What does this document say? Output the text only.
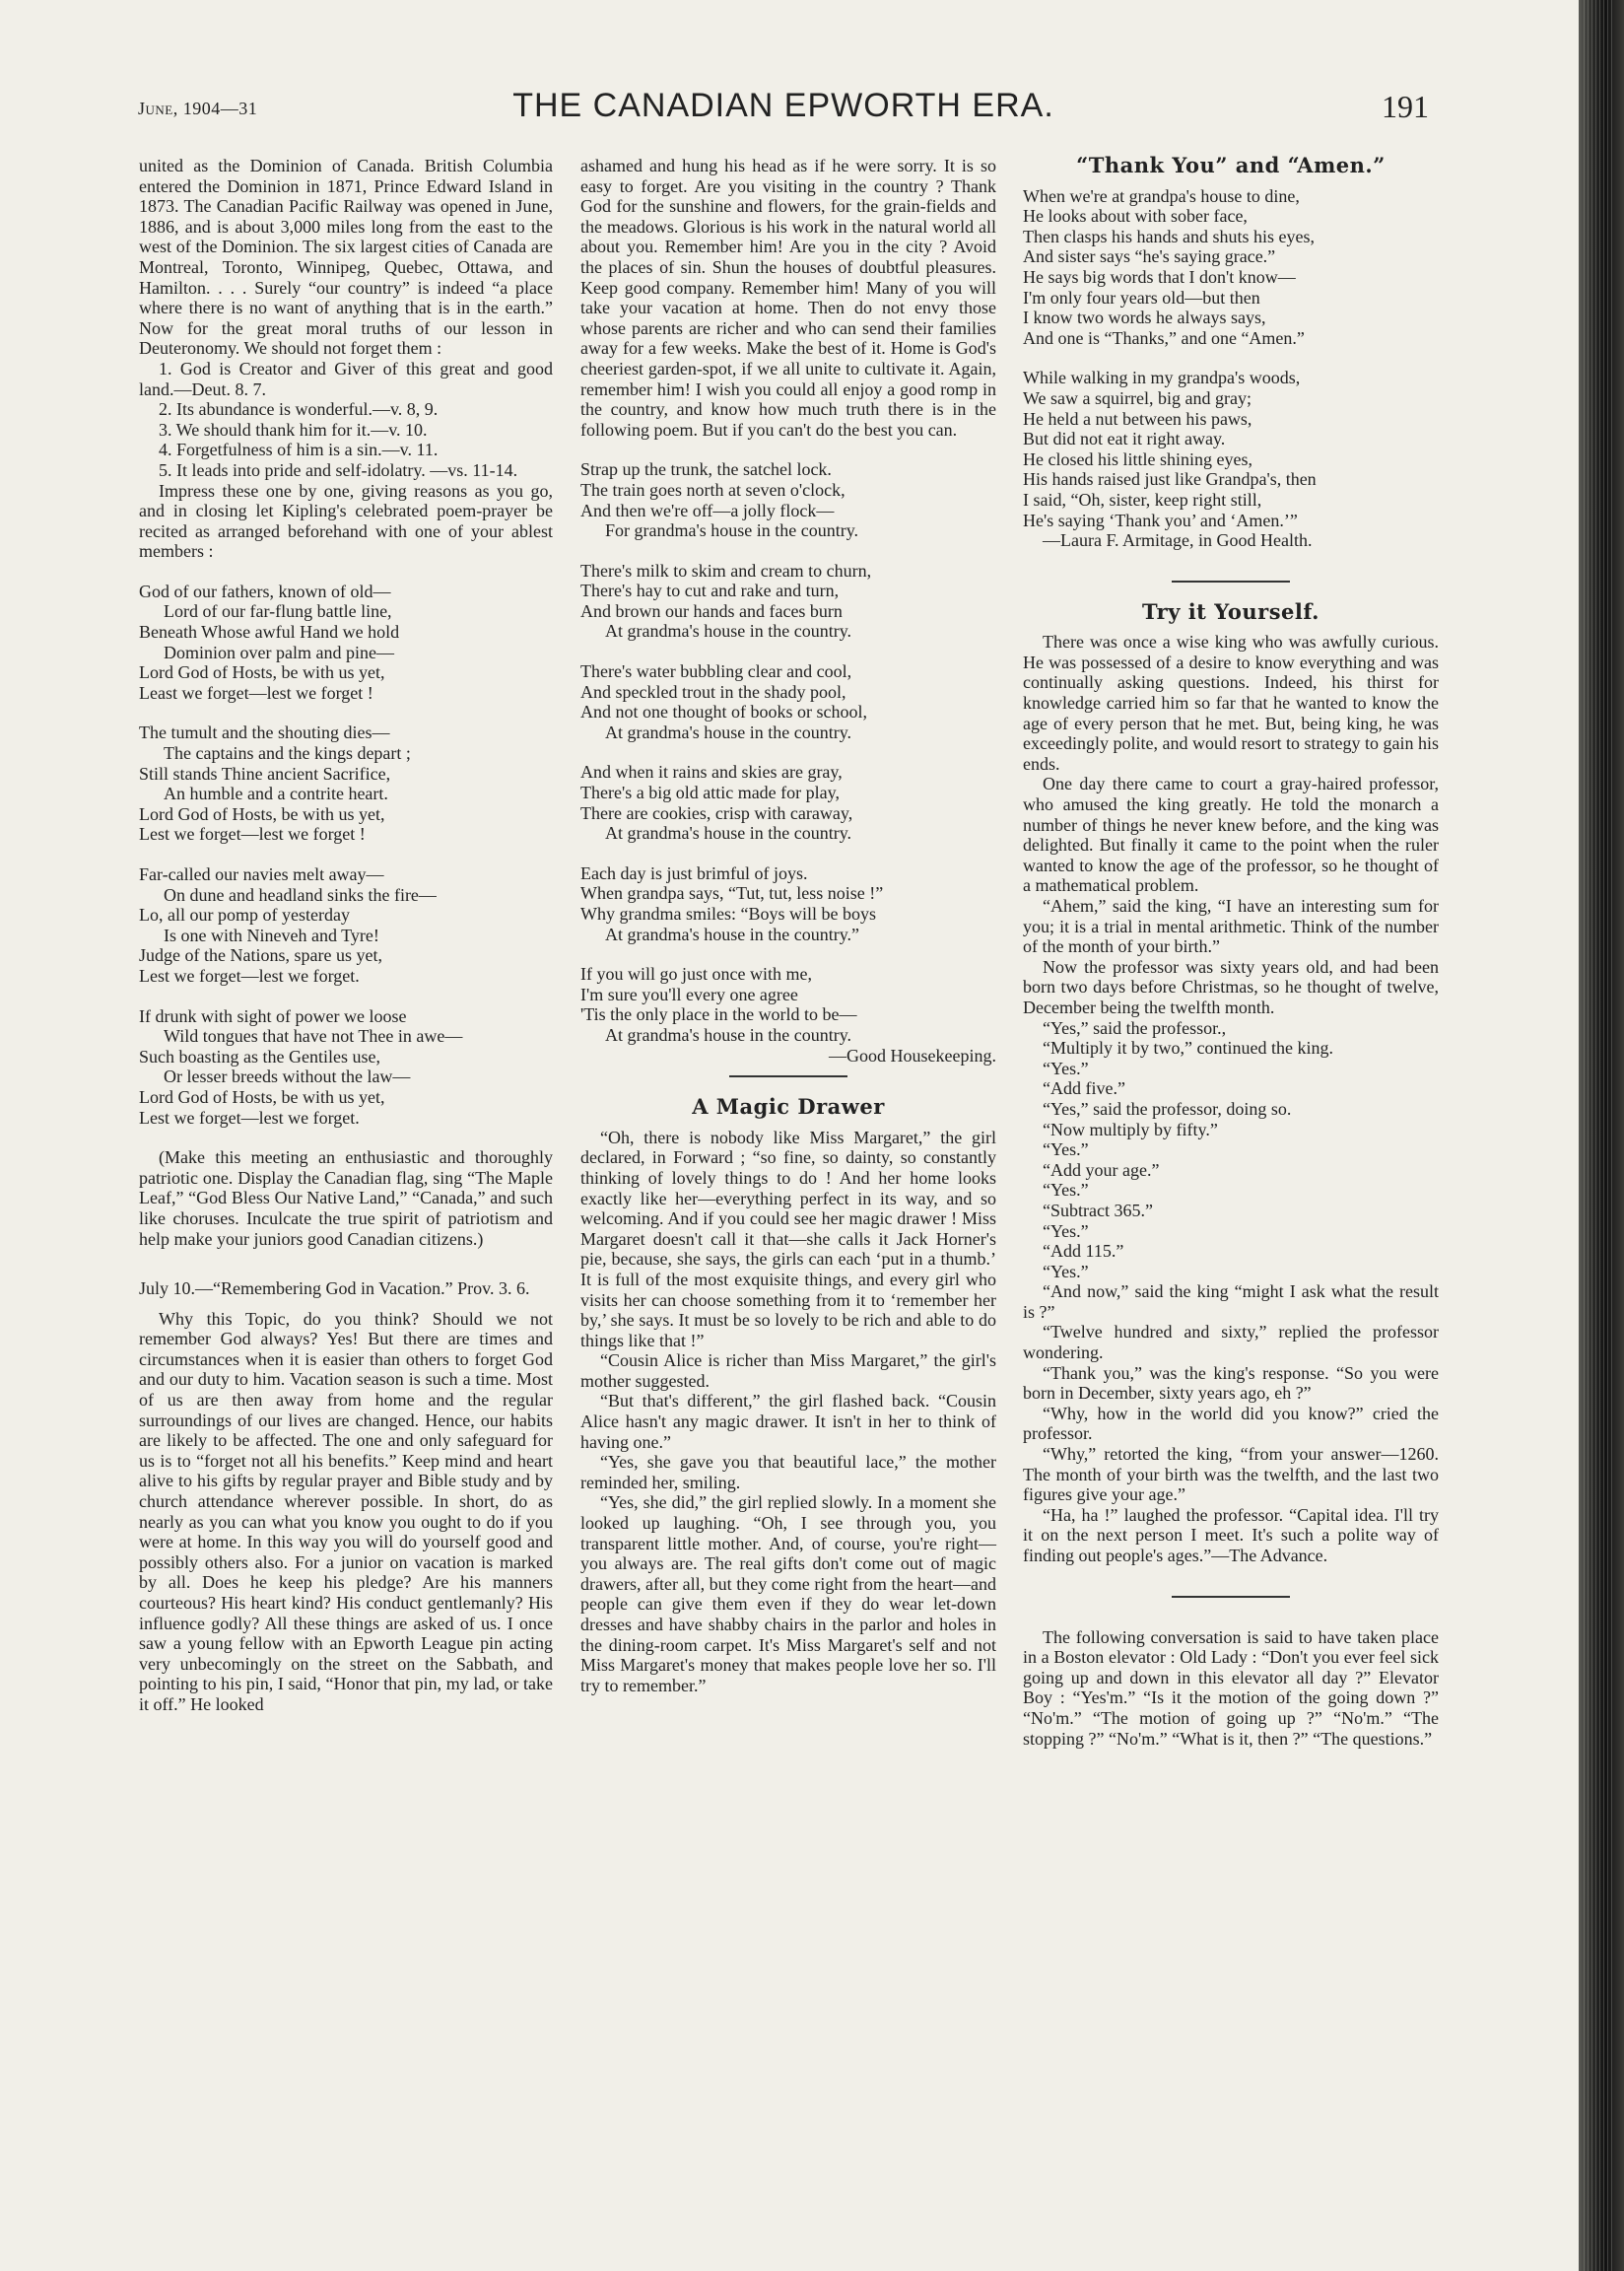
June, 1904—31	THE CANADIAN EPWORTH ERA.	191

united as the Dominion of Canada. British Columbia entered the Dominion in 1871, Prince Edward Island in 1873. The Canadian Pacific Railway was opened in June, 1886, and is about 3,000 miles long from the east to the west of the Dominion. The six largest cities of Canada are Montreal, Toronto, Winnipeg, Quebec, Ottawa, and Hamilton. . . . Surely “our country” is indeed “a place where there is no want of anything that is in the earth.” Now for the great moral truths of our lesson in Deuteronomy. We should not forget them :

1. God is Creator and Giver of this great and good land.—Deut. 8. 7.

2. Its abundance is wonderful.—v. 8, 9.

3. We should thank him for it.—v. 10.

4. Forgetfulness of him is a sin.—v. 11.

5. It leads into pride and self-idolatry. —vs. 11-14.

Impress these one by one, giving reasons as you go, and in closing let Kipling's celebrated poem-prayer be recited as arranged beforehand with one of your ablest members :

God of our fathers, known of old—
Lord of our far-flung battle line,
Beneath Whose awful Hand we hold
Dominion over palm and pine—
Lord God of Hosts, be with us yet,
Least we forget—lest we forget !
The tumult and the shouting dies—
The captains and the kings depart ;
Still stands Thine ancient Sacrifice,
An humble and a contrite heart.
Lord God of Hosts, be with us yet,
Lest we forget—lest we forget !
Far-called our navies melt away—
On dune and headland sinks the fire—
Lo, all our pomp of yesterday
Is one with Nineveh and Tyre!
Judge of the Nations, spare us yet,
Lest we forget—lest we forget.
If drunk with sight of power we loose
Wild tongues that have not Thee in awe—
Such boasting as the Gentiles use,
Or lesser breeds without the law—
Lord God of Hosts, be with us yet,
Lest we forget—lest we forget.

(Make this meeting an enthusiastic and thoroughly patriotic one. Display the Canadian flag, sing “The Maple Leaf,” “God Bless Our Native Land,” “Canada,” and such like choruses. Inculcate the true spirit of patriotism and help make your juniors good Canadian citizens.)

July 10.—“Remembering God in Vacation.” Prov. 3. 6.

Why this Topic, do you think? Should we not remember God always? Yes! But there are times and circumstances when it is easier than others to forget God and our duty to him. Vacation season is such a time. Most of us are then away from home and the regular surroundings of our lives are changed. Hence, our habits are likely to be affected. The one and only safeguard for us is to “forget not all his benefits.” Keep mind and heart alive to his gifts by regular prayer and Bible study and by church attendance wherever possible. In short, do as nearly as you can what you know you ought to do if you were at home. In this way you will do yourself good and possibly others also. For a junior on vacation is marked by all. Does he keep his pledge? Are his manners courteous? His heart kind? His conduct gentlemanly? His influence godly? All these things are asked of us. I once saw a young fellow with an Epworth League pin acting very unbecomingly on the street on the Sabbath, and pointing to his pin, I said, “Honor that pin, my lad, or take it off.” He looked

ashamed and hung his head as if he were sorry. It is so easy to forget. Are you visiting in the country ? Thank God for the sunshine and flowers, for the grain-fields and the meadows. Glorious is his work in the natural world all about you. Remember him! Are you in the city ? Avoid the places of sin. Shun the houses of doubtful pleasures. Keep good company. Remember him! Many of you will take your vacation at home. Then do not envy those whose parents are richer and who can send their families away for a few weeks. Make the best of it. Home is God's cheeriest garden-spot, if we all unite to cultivate it. Again, remember him! I wish you could all enjoy a good romp in the country, and know how much truth there is in the following poem. But if you can't do the best you can.

Strap up the trunk, the satchel lock.
The train goes north at seven o'clock,
And then we're off—a jolly flock—
For grandma's house in the country.
There's milk to skim and cream to churn,
There's hay to cut and rake and turn,
And brown our hands and faces burn
At grandma's house in the country.
There's water bubbling clear and cool,
And speckled trout in the shady pool,
And not one thought of books or school,
At grandma's house in the country.
And when it rains and skies are gray,
There's a big old attic made for play,
There are cookies, crisp with caraway,
At grandma's house in the country.
Each day is just brimful of joys.
When grandpa says, “Tut, tut, less noise !”
Why grandma smiles: “Boys will be boys
At grandma's house in the country.”
If you will go just once with me,
I'm sure you'll every one agree
'Tis the only place in the world to be—
At grandma's house in the country.

—Good Housekeeping.

A Magic Drawer

“Oh, there is nobody like Miss Margaret,” the girl declared, in Forward ; “so fine, so dainty, so constantly thinking of lovely things to do ! And her home looks exactly like her—everything perfect in its way, and so welcoming. And if you could see her magic drawer ! Miss Margaret doesn't call it that—she calls it Jack Horner's pie, because, she says, the girls can each ‘put in a thumb.’ It is full of the most exquisite things, and every girl who visits her can choose something from it to ‘remember her by,’ she says. It must be so lovely to be rich and able to do things like that !”

“Cousin Alice is richer than Miss Margaret,” the girl's mother suggested.

“But that's different,” the girl flashed back. “Cousin Alice hasn't any magic drawer. It isn't in her to think of having one.”

“Yes, she gave you that beautiful lace,” the mother reminded her, smiling.

“Yes, she did,” the girl replied slowly. In a moment she looked up laughing. “Oh, I see through you, you transparent little mother. And, of course, you're right—you always are. The real gifts don't come out of magic drawers, after all, but they come right from the heart—and people can give them even if they do wear let-down dresses and have shabby chairs in the parlor and holes in the dining-room carpet. It's Miss Margaret's self and not Miss Margaret's money that makes people love her so. I'll try to remember.”

“Thank You” and “Amen.”
When we're at grandpa's house to dine,
He looks about with sober face,
Then clasps his hands and shuts his eyes,
And sister says “he's saying grace.”
He says big words that I don't know—
I'm only four years old—but then
I know two words he always says,
And one is “Thanks,” and one “Amen.”
While walking in my grandpa's woods,
We saw a squirrel, big and gray;
He held a nut between his paws,
But did not eat it right away.
He closed his little shining eyes,
His hands raised just like Grandpa's, then
I said, “Oh, sister, keep right still,
He's saying ‘Thank you’ and ‘Amen.’”

—Laura F. Armitage, in Good Health.

Try it Yourself.

There was once a wise king who was awfully curious. He was possessed of a desire to know everything and was continually asking questions. Indeed, his thirst for knowledge carried him so far that he wanted to know the age of every person that he met. But, being king, he was exceedingly polite, and would resort to strategy to gain his ends.

One day there came to court a gray-haired professor, who amused the king greatly. He told the monarch a number of things he never knew before, and the king was delighted. But finally it came to the point when the ruler wanted to know the age of the professor, so he thought of a mathematical problem.

“Ahem,” said the king, “I have an interesting sum for you; it is a trial in mental arithmetic. Think of the number of the month of your birth.”

Now the professor was sixty years old, and had been born two days before Christmas, so he thought of twelve, December being the twelfth month.

“Yes,” said the professor.,

“Multiply it by two,” continued the king.

“Yes.”

“Add five.”

“Yes,” said the professor, doing so.

“Now multiply by fifty.”

“Yes.”

“Add your age.”

“Yes.”

“Subtract 365.”

“Yes.”

“Add 115.”

“Yes.”

“And now,” said the king “might I ask what the result is ?”

“Twelve hundred and sixty,” replied the professor wondering.

“Thank you,” was the king's response. “So you were born in December, sixty years ago, eh ?”

“Why, how in the world did you know?” cried the professor.

“Why,” retorted the king, “from your answer—1260. The month of your birth was the twelfth, and the last two figures give your age.”

“Ha, ha !” laughed the professor. “Capital idea. I'll try it on the next person I meet. It's such a polite way of finding out people's ages.”—The Advance.

The following conversation is said to have taken place in a Boston elevator : Old Lady : “Don't you ever feel sick going up and down in this elevator all day ?” Elevator Boy : “Yes'm.” “Is it the motion of the going down ?” “No'm.” “The motion of going up ?” “No'm.” “The stopping ?” “No'm.” “What is it, then ?” “The questions.”
